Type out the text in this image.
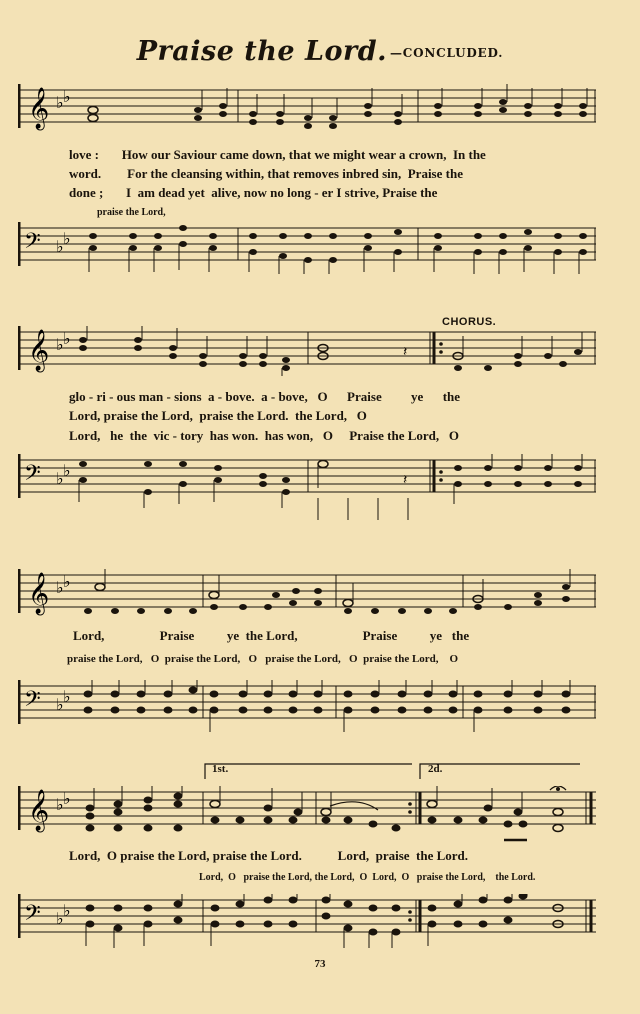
Praise the Lord. $^{—CONCLUDED.}$
𝄞 ♭ ♭
love :       How our Saviour came down, that we might wear a crown,  In the
word.        For the cleansing within, that removes inbred sin,  Praise the
done ;       I  am dead yet  alive, now no long - er I strive, Praise the
praise the Lord,
𝄢 ♭ ♭
CHORUS.
𝄞 ♭ ♭
𝄽
glo - ri - ous man - sions  a - bove.  a - bove,   O      Praise         ye      the
Lord, praise the Lord,  praise the Lord.  the Lord,   O
Lord,   he  the  vic - tory  has won.  has won,   O     Praise the Lord,   O
𝄢 ♭ ♭	𝄽
𝄞 ♭ ♭
Lord,                 Praise          ye  the Lord,                    Praise          ye   the
praise the Lord,   O  praise the Lord,   O   praise the Lord,   O  praise the Lord,    O
𝄢 ♭ ♭
1st.	2d.
𝄞 ♭ ♭
Lord,  O praise the Lord, praise the Lord.           Lord,  praise  the Lord.
Lord,  O   praise the Lord, the Lord,  O  Lord,  O   praise the Lord,    the Lord.
𝄢 ♭ ♭
73
